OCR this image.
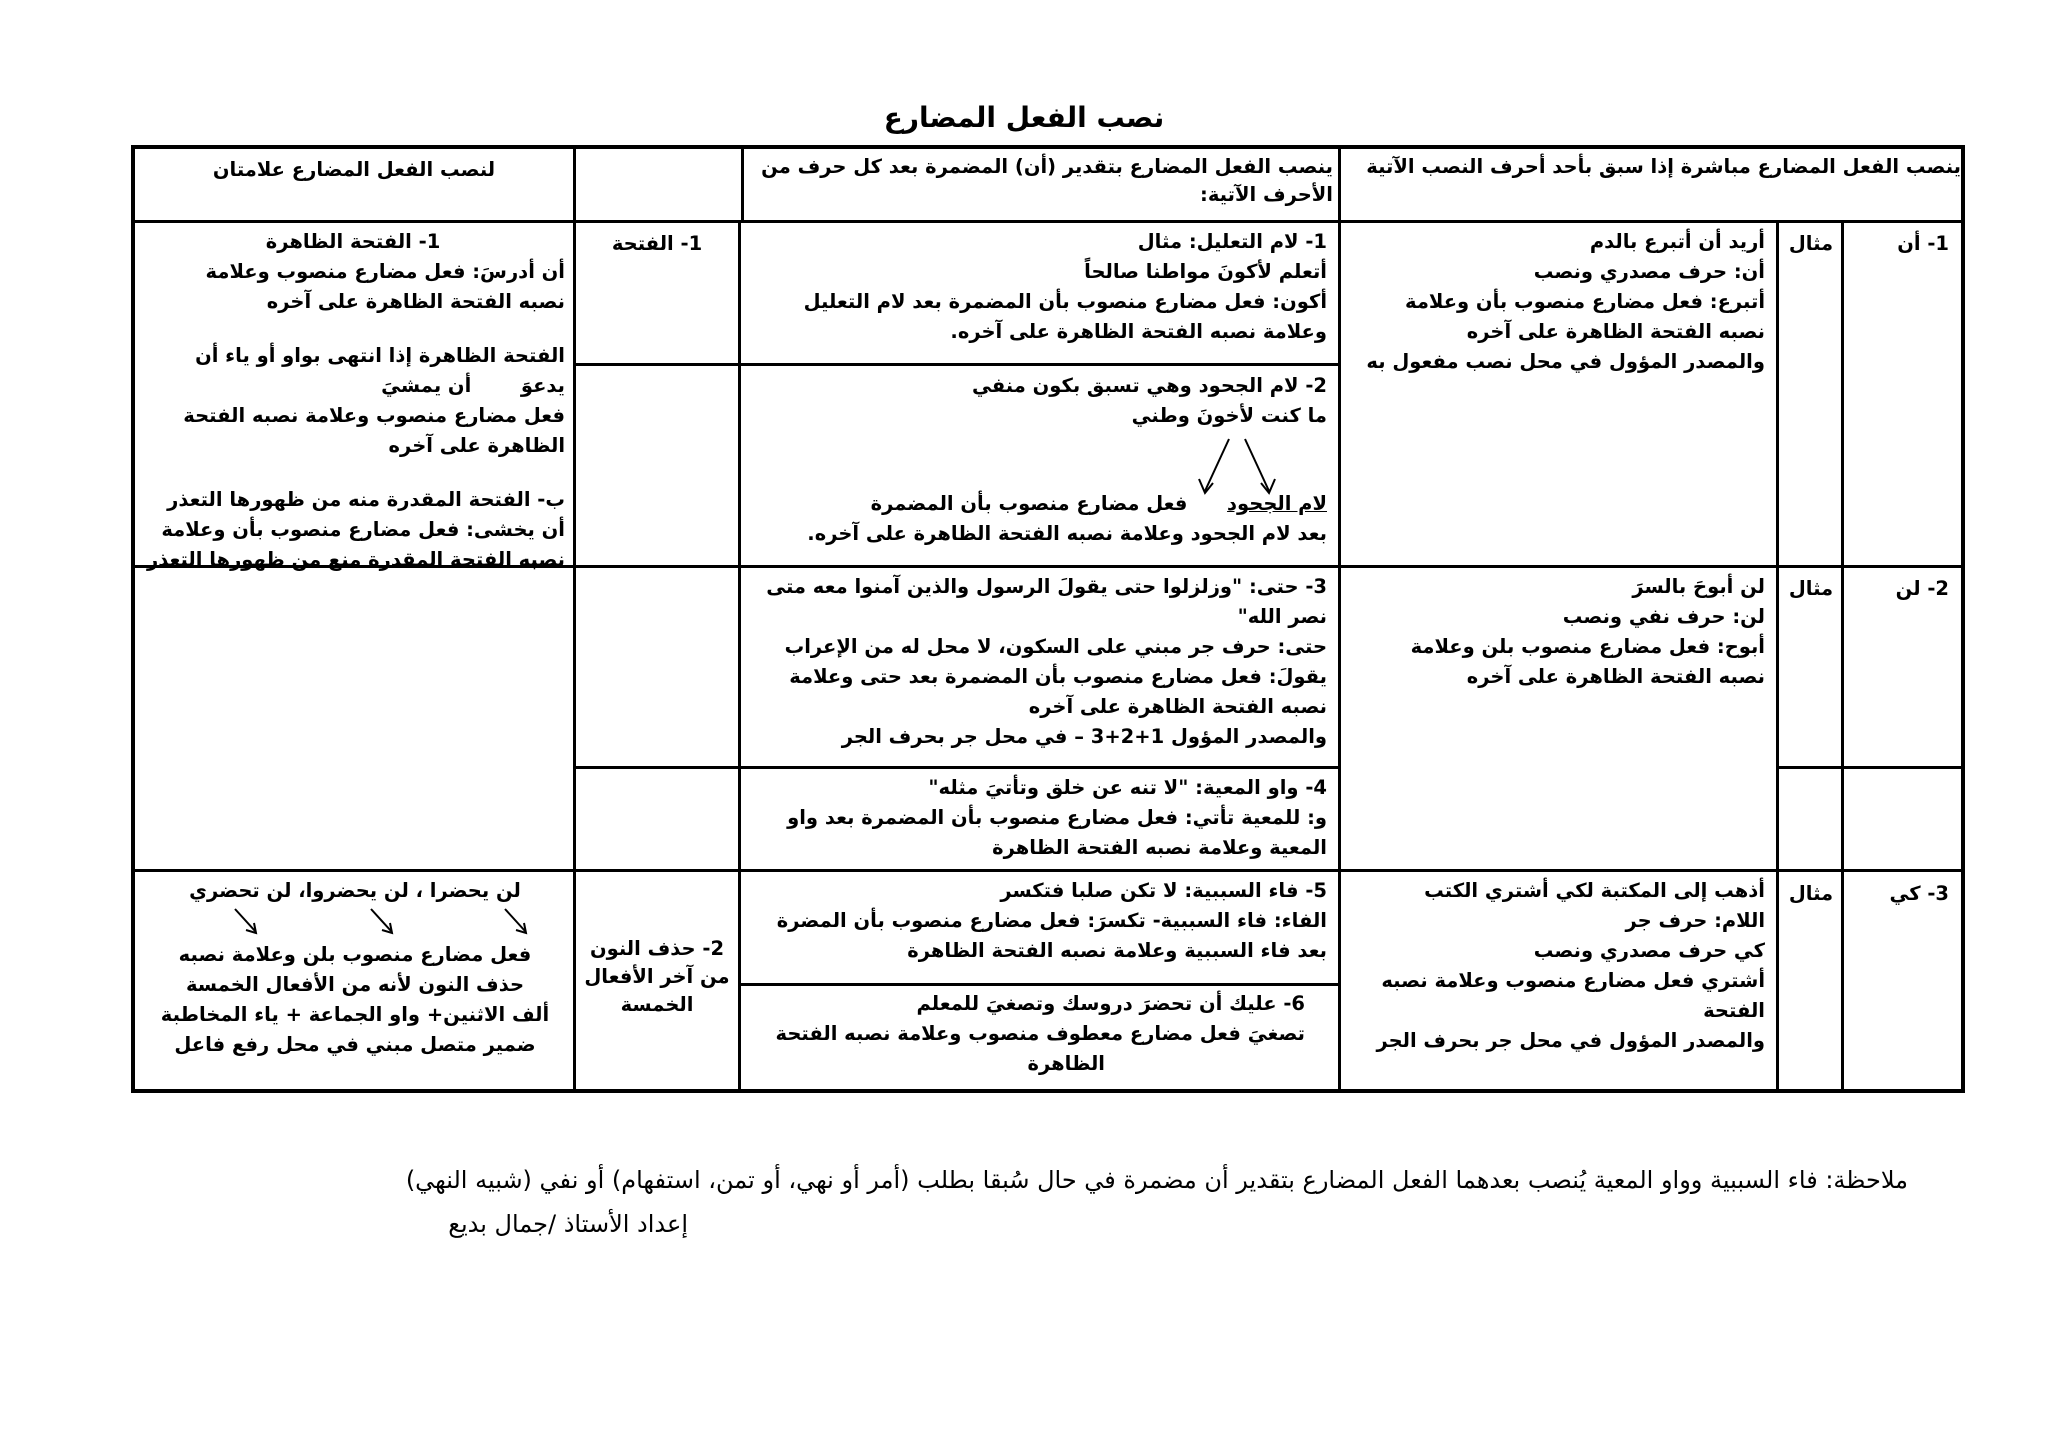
نصب الفعل المضارع
ينصب الفعل المضارع مباشرة إذا سبق بأحد أحرف النصب الآتية
ينصب الفعل المضارع بتقدير (أن) المضمرة بعد كل حرف من الأحرف الآتية:
لنصب الفعل المضارع علامتان
1- أن
مثال
2- لن
مثال
3- كي
مثال
أريد أن أتبرع بالدم
أن: حرف مصدري ونصب
أتبرع: فعل مضارع منصوب بأن وعلامة
نصبه الفتحة الظاهرة على آخره
والمصدر المؤول في محل نصب مفعول به
لن أبوحَ بالسرَ
لن: حرف نفي ونصب
أبوح: فعل مضارع منصوب بلن وعلامة
نصبه الفتحة الظاهرة على آخره
أذهب إلى المكتبة لكي أشتري الكتب
اللام: حرف جر
كي حرف مصدري ونصب
أشتري فعل مضارع منصوب وعلامة نصبه
الفتحة
والمصدر المؤول في محل جر بحرف الجر
1- لام التعليل: مثال
أتعلم لأكونَ مواطنا صالحاً
أكون: فعل مضارع منصوب بأن المضمرة بعد لام التعليل
وعلامة نصبه الفتحة الظاهرة على آخره.
2- لام الجحود وهي تسبق بكون منفي
ما كنت لأخونَ وطني
لام الجحود  فعل مضارع منصوب بأن المضمرة
بعد لام الجحود وعلامة نصبه الفتحة الظاهرة على آخره.
3- حتى: "وزلزلوا حتى يقولَ الرسول والذين آمنوا معه متى
نصر الله"
حتى: حرف جر مبني على السكون، لا محل له من الإعراب
يقولَ: فعل مضارع منصوب بأن المضمرة بعد حتى وعلامة
نصبه الفتحة الظاهرة على آخره
والمصدر المؤول 1+2+3 – في محل جر بحرف الجر
4- واو المعية: "لا تنه عن خلق وتأتيَ مثله"
و: للمعية تأتي: فعل مضارع منصوب بأن المضمرة بعد واو
المعية وعلامة نصبه الفتحة الظاهرة
5- فاء السببية: لا تكن صلبا فتكسر
الفاء: فاء السببية- تكسرَ: فعل مضارع منصوب بأن المضرة
بعد فاء السببية وعلامة نصبه الفتحة الظاهرة
6- عليك أن تحضرَ دروسك وتصغيَ للمعلم
تصغيَ فعل مضارع معطوف منصوب وعلامة نصبه الفتحة
الظاهرة
1- الفتحة
2- حذف النون
من آخر الأفعال
الخمسة
1- الفتحة الظاهرة
أن أدرسَ: فعل مضارع منصوب وعلامة
نصبه الفتحة الظاهرة على آخره
الفتحة الظاهرة إذا انتهى بواو أو ياء أن
يدعوَ  أن يمشيَ
فعل مضارع منصوب وعلامة نصبه الفتحة
الظاهرة على آخره
ب- الفتحة المقدرة منه من ظهورها التعذر
أن يخشى: فعل مضارع منصوب بأن وعلامة
نصبه الفتحة المقدرة منع من ظهورها التعذر
لن يحضرا ، لن يحضروا، لن تحضري
فعل مضارع منصوب بلن وعلامة نصبه
حذف النون لأنه من الأفعال الخمسة
ألف الاثنين+ واو الجماعة + ياء المخاطبة
ضمير متصل مبني في محل رفع فاعل
ملاحظة: فاء السببية وواو المعية يُنصب بعدهما الفعل المضارع بتقدير أن مضمرة في حال سُبقا بطلب (أمر أو نهي، أو تمن، استفهام) أو نفي (شبيه النهي)
إعداد الأستاذ /جمال بديع
